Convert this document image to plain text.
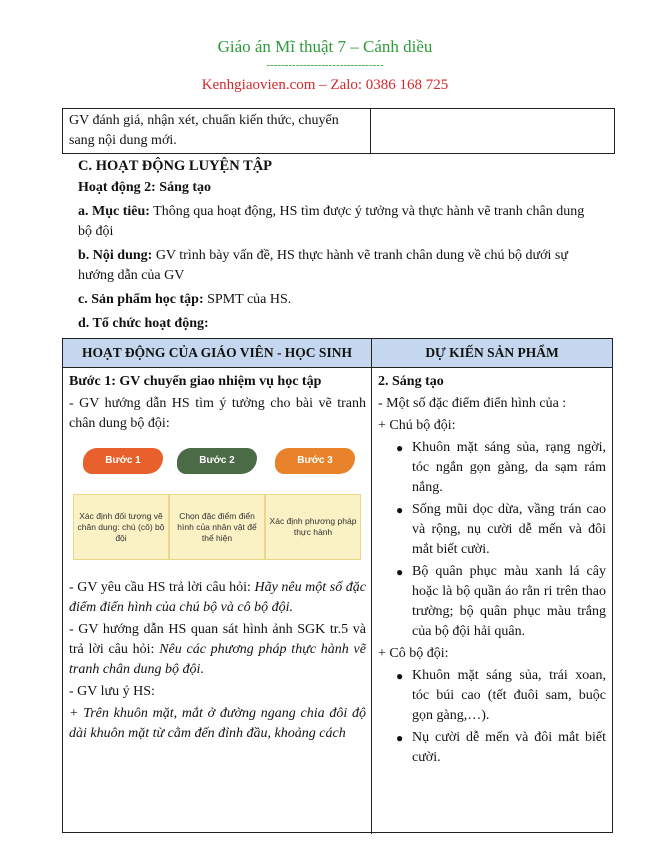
Giáo án Mĩ thuật 7 – Cánh diều
--------------------------------
Kenhgiaovien.com – Zalo: 0386 168 725
GV đánh giá, nhận xét, chuẩn kiến thức, chuyển sang nội dung mới.

C. HOẠT ĐỘNG LUYỆN TẬP

Hoạt động 2: Sáng tạo

a. Mục tiêu: Thông qua hoạt động, HS tìm được ý tưởng và thực hành vẽ tranh chân dung bộ đội

b. Nội dung: GV trình bày vấn đề, HS thực hành vẽ tranh chân dung về chú bộ dưới sự hướng dẫn của GV

c. Sản phẩm học tập: SPMT của HS.

d. Tổ chức hoạt động:

HOẠT ĐỘNG CỦA GIÁO VIÊN - HỌC SINH	DỰ KIẾN SẢN PHẨM

Bước 1: GV chuyển giao nhiệm vụ học tập

- GV hướng dẫn HS tìm ý tưởng cho bài vẽ tranh chân dung bộ đội:

Bước 1	Bước 2	Bước 3
Xác định đối tượng vẽ chân dung: chú (cô) bộ đội
Chọn đặc điểm điển hình của nhân vật để thể hiện
Xác định phương pháp thực hành

- GV yêu cầu HS trả lời câu hỏi: Hãy nêu một số đặc điểm điển hình của chú bộ và cô bộ đội.

- GV hướng dẫn HS quan sát hình ảnh SGK tr.5 và trả lời câu hỏi: Nêu các phương pháp thực hành vẽ tranh chân dung bộ đội.

- GV lưu ý HS:

+ Trên khuôn mặt, mắt ở đường ngang chia đôi độ dài khuôn mặt từ cằm đến đỉnh đầu, khoảng cách

2. Sáng tạo

- Một số đặc điểm điển hình của :

+ Chú bộ đội:

● Khuôn mặt sáng sủa, rạng ngời, tóc ngắn gọn gàng, da sạm rám nắng.
● Sống mũi dọc dừa, vầng trán cao và rộng, nụ cười dễ mến và đôi mắt biết cười.
● Bộ quân phục màu xanh lá cây hoặc là bộ quần áo rằn ri trên thao trường; bộ quân phục màu trắng của bộ đội hải quân.

+ Cô bộ đội:

● Khuôn mặt sáng sủa, trái xoan, tóc búi cao (tết đuôi sam, buộc gọn gàng,…).
● Nụ cười dễ mến và đôi mắt biết cười.
